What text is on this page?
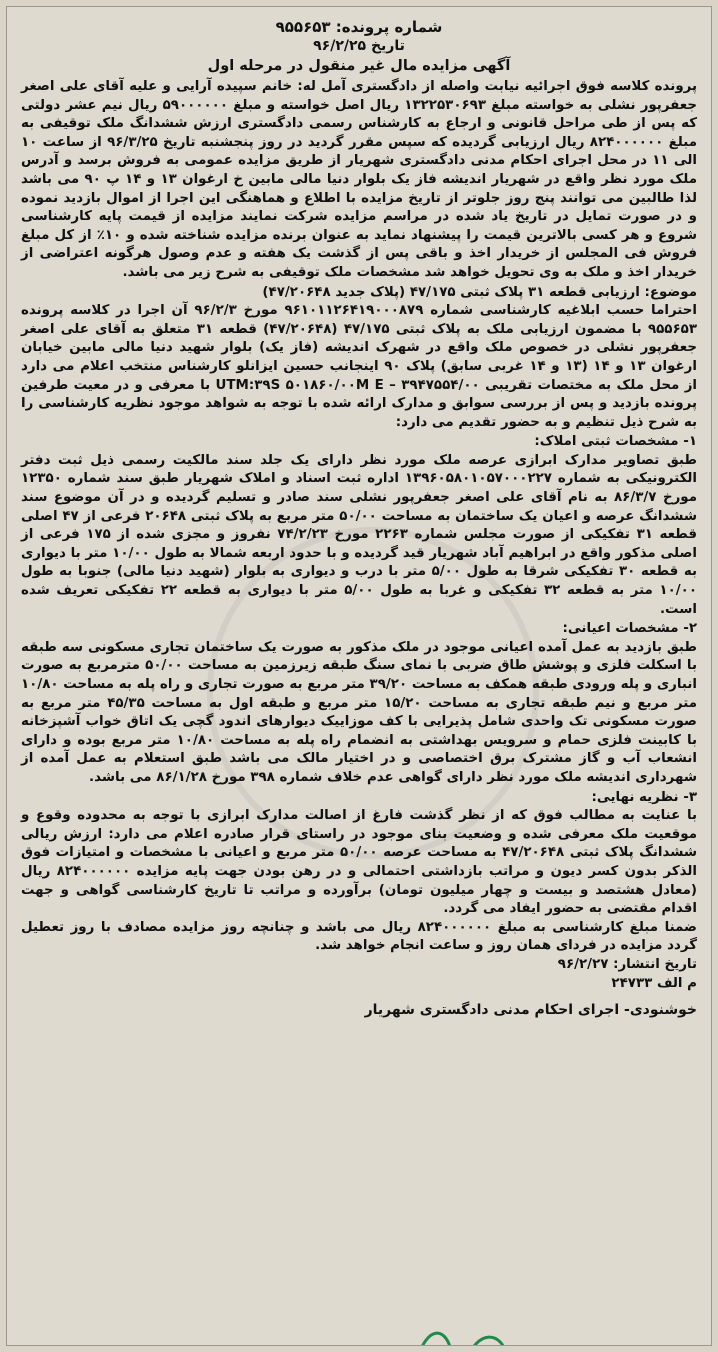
شماره پرونده: ۹۵۵۶۵۳

تاریخ ۹۶/۲/۲۵

آگهی مزایده مال غیر منقول در مرحله اول

پرونده کلاسه فوق اجرائیه نیابت واصله از دادگستری آمل له: خانم سپیده آرایی و علیه آقای علی اصغر جعفرپور نشلی به خواسته مبلغ ۱۳۲۲۵۳۰۶۹۳ ریال اصل خواسته و مبلغ ۵۹۰۰۰۰۰۰ ریال نیم عشر دولتی که پس از طی مراحل قانونی و ارجاع به کارشناس رسمی دادگستری ارزش ششدانگ ملک توقیفی به مبلغ ۸۲۴۰۰۰۰۰۰ ریال ارزیابی گردیده که سپس مقرر گردید در روز پنجشنبه تاریخ ۹۶/۳/۲۵ از ساعت ۱۰ الی ۱۱ در محل اجرای احکام مدنی دادگستری شهریار از طریق مزایده عمومی به فروش برسد و آدرس ملک مورد نظر واقع در شهریار اندیشه فاز یک بلوار دنیا مالی مابین خ ارغوان ۱۳ و ۱۴ پ ۹۰ می باشد لذا طالبین می توانند پنج روز جلوتر از تاریخ مزایده با اطلاع و هماهنگی این اجرا از اموال بازدید نموده و در صورت تمایل در تاریخ یاد شده در مراسم مزایده شرکت نمایند مزایده از قیمت پایه کارشناسی شروع و هر کسی بالاترین قیمت را پیشنهاد نماید به عنوان برنده مزایده شناخته شده و ۱۰٪ از کل مبلغ فروش فی المجلس از خریدار اخذ و باقی پس از گذشت یک هفته و عدم وصول هرگونه اعتراضی از خریدار اخذ و ملک به وی تحویل خواهد شد مشخصات ملک توقیفی به شرح زیر می باشد.

موضوع: ارزیابی قطعه ۳۱ پلاک ثبتی ۴۷/۱۷۵ (پلاک جدید ۴۷/۲۰۶۴۸)

احتراما حسب ابلاغیه کارشناسی شماره ۹۶۱۰۱۱۲۶۴۱۹۰۰۰۸۷۹ مورخ ۹۶/۲/۳ آن اجرا در کلاسه پرونده ۹۵۵۶۵۳ با مضمون ارزیابی ملک به پلاک ثبتی ۴۷/۱۷۵ (۴۷/۲۰۶۴۸) قطعه ۳۱ متعلق به آقای علی اصغر جعفرپور نشلی در خصوص ملک واقع در شهرک اندیشه (فاز یک) بلوار شهید دنیا مالی مابین خیابان ارغوان ۱۳ و ۱۴ (۱۳ و ۱۴ غربی سابق) پلاک ۹۰ اینجانب حسین ایزانلو کارشناس منتخب اعلام می دارد از محل ملک به مختصات تقریبی UTM:۳۹S ۵۰۱۸۶۰/۰۰M E – ۳۹۴۷۵۵۴/۰۰ با معرفی و در معیت طرفین پرونده بازدید و پس از بررسی سوابق و مدارک ارائه شده با توجه به شواهد موجود نظریه کارشناسی را به شرح ذیل تنظیم و به حضور تقدیم می دارد:

۱- مشخصات ثبتی املاک:

طبق تصاویر مدارک ابرازی عرصه ملک مورد نظر دارای یک جلد سند مالکیت رسمی ذیل ثبت دفتر الکترونیکی به شماره ۱۳۹۶۰۵۸۰۱۰۵۷۰۰۰۲۲۷ اداره ثبت اسناد و املاک شهریار طبق سند شماره ۱۲۳۵۰ مورخ ۸۶/۳/۷ به نام آقای علی اصغر جعفرپور نشلی سند صادر و تسلیم گردیده و در آن موضوع سند ششدانگ عرصه و اعیان یک ساختمان به مساحت ۵۰/۰۰ متر مربع به پلاک ثبتی ۲۰۶۴۸ فرعی از ۴۷ اصلی قطعه ۳۱ تفکیکی از صورت مجلس شماره ۲۲۶۳ مورخ ۷۴/۲/۲۳ نفروز و مجزی شده از ۱۷۵ فرعی از اصلی مذکور واقع در ابراهیم آباد شهریار قید گردیده و با حدود اربعه شمالا به طول ۱۰/۰۰ متر با دیواری به قطعه ۳۰ تفکیکی شرقا به طول ۵/۰۰ متر با درب و دیواری به بلوار (شهید دنیا مالی) جنوبا به طول ۱۰/۰۰ متر به قطعه ۳۲ تفکیکی و غربا به طول ۵/۰۰ متر با دیواری به قطعه ۲۲ تفکیکی تعریف شده است.

۲- مشخصات اعیانی:

طبق بازدید به عمل آمده اعیانی موجود در ملک مذکور به صورت یک ساختمان تجاری مسکونی سه طبقه با اسکلت فلزی و پوشش طاق ضربی با نمای سنگ طبقه زیرزمین به مساحت ۵۰/۰۰ مترمربع به صورت انباری و پله ورودی طبقه همکف به مساحت ۳۹/۲۰ متر مربع به صورت تجاری و راه پله به مساحت ۱۰/۸۰ متر مربع و نیم طبقه تجاری به مساحت ۱۵/۲۰ متر مربع و طبقه اول به مساحت ۴۵/۳۵ متر مربع به صورت مسکونی تک واحدی شامل پذیرایی با کف موزاییک دیوارهای اندود گچی یک اتاق خواب آشپزخانه با کابینت فلزی حمام و سرویس بهداشتی به انضمام راه پله به مساحت ۱۰/۸۰ متر مربع بوده و دارای انشعاب آب و گاز مشترک برق اختصاصی و در اختیار مالک می باشد طبق استعلام به عمل آمده از شهرداری اندیشه ملک مورد نظر دارای گواهی عدم خلاف شماره ۳۹۸ مورخ ۸۶/۱/۲۸ می باشد.

۳- نظریه نهایی:

با عنایت به مطالب فوق که از نظر گذشت فارغ از اصالت مدارک ابرازی با توجه به محدوده وقوع و موقعیت ملک معرفی شده و وضعیت بنای موجود در راستای قرار صادره اعلام می دارد: ارزش ریالی ششدانگ پلاک ثبتی ۴۷/۲۰۶۴۸ به مساحت عرصه ۵۰/۰۰ متر مربع و اعیانی با مشخصات و امتیازات فوق الذکر بدون کسر دیون و مراتب بازداشتی احتمالی و در رهن بودن جهت پایه مزایده ۸۲۴۰۰۰۰۰۰ ریال (معادل هشتصد و بیست و چهار میلیون تومان) برآورده و مراتب تا تاریخ کارشناسی گواهی و جهت اقدام مقتضی به حضور ایفاد می گردد.

ضمنا مبلغ کارشناسی به مبلغ ۸۲۴۰۰۰۰۰۰ ریال می باشد و چنانچه روز مزایده مصادف با روز تعطیل گردد مزایده در فردای همان روز و ساعت انجام خواهد شد.

تاریخ انتشار: ۹۶/۲/۲۷

م الف ۲۴۷۳۳

خوشنودی- اجرای احکام مدنی دادگستری شهریار
